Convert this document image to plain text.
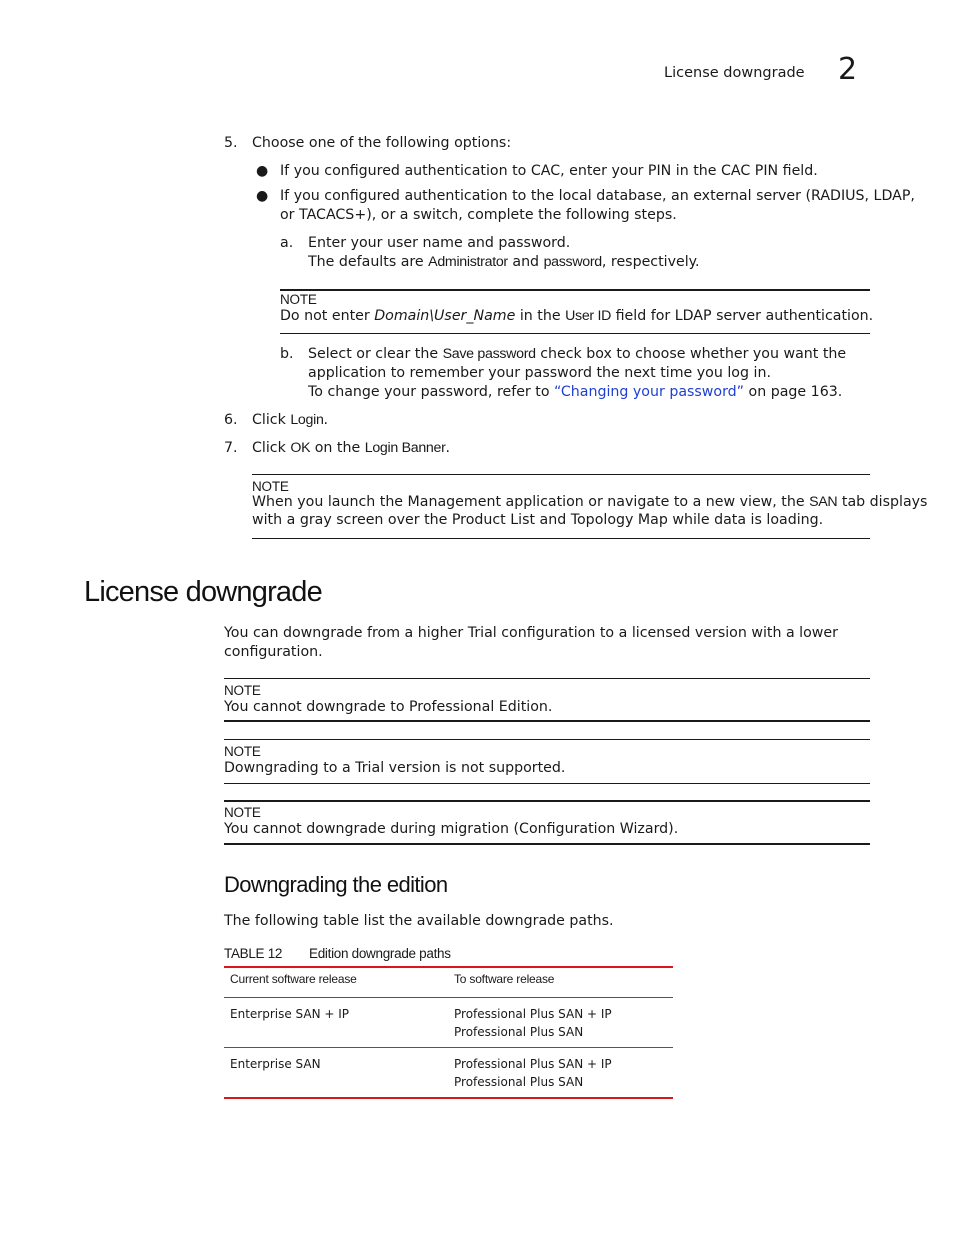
License downgrade 2
5. Choose one of the following options:
● If you configured authentication to CAC, enter your PIN in the CAC PIN field.
● If you configured authentication to the local database, an external server (RADIUS, LDAP,
or TACACS+), or a switch, complete the following steps.
a. Enter your user name and password.
The defaults are Administrator and password, respectively.
NOTE
Do not enter Domain\User_Name in the User ID field for LDAP server authentication.
b. Select or clear the Save password check box to choose whether you want the
application to remember your password the next time you log in.
To change your password, refer to “Changing your password” on page 163.
6. Click Login.
7. Click OK on the Login Banner.
NOTE
When you launch the Management application or navigate to a new view, the SAN tab displays
with a gray screen over the Product List and Topology Map while data is loading.
License downgrade
You can downgrade from a higher Trial configuration to a licensed version with a lower
configuration.
NOTE
You cannot downgrade to Professional Edition.
NOTE
Downgrading to a Trial version is not supported.
NOTE
You cannot downgrade during migration (Configuration Wizard).
Downgrading the edition
The following table list the available downgrade paths.
TABLE 12 Edition downgrade paths
Current software release	To software release
Enterprise SAN + IP	Professional Plus SAN + IP
Professional Plus SAN

Enterprise SAN	Professional Plus SAN + IP
Professional Plus SAN
